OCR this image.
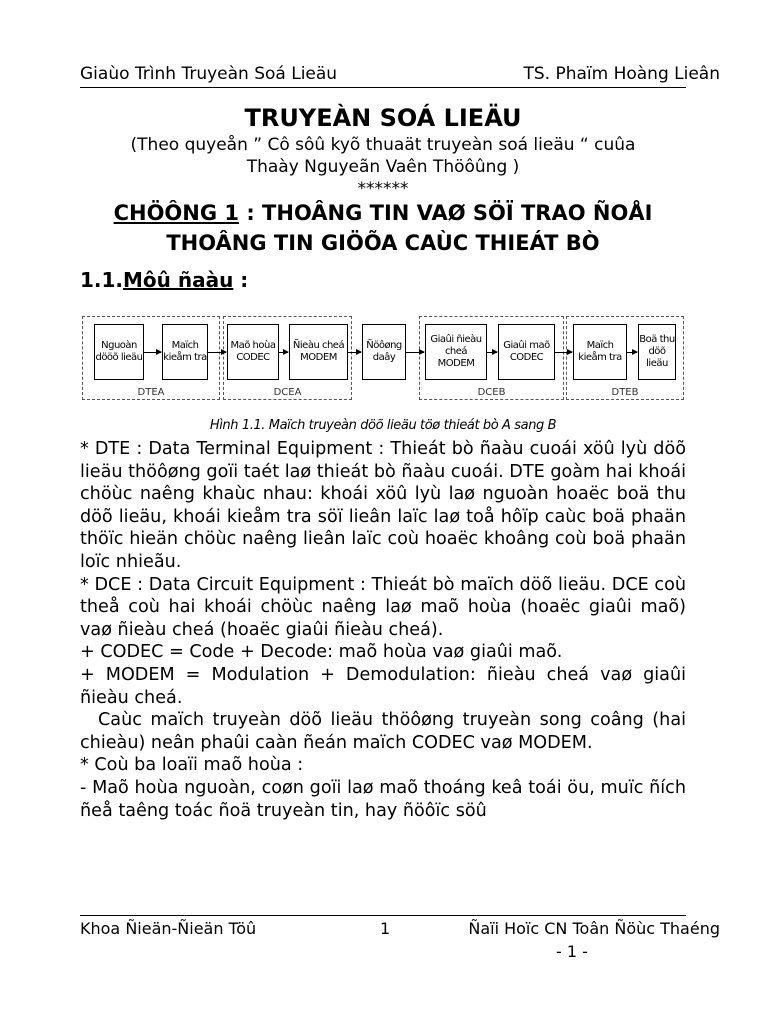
Giaùo Trình Truyeàn Soá Lieäu	TS. Phaïm Hoàng Lieân
TRUYEÀN SOÁ LIEÄU
(Theo quyeån ” Cô sôû kyõ thuaät truyeàn soá lieäu “ cuûa
Thaày Nguyeãn Vaên Thöôûng )
******
CHÖÔNG 1 : THOÂNG TIN VAØ SÖÏ TRAO ÑOÅI
THOÂNG TIN GIÖÕA CAÙC THIEÁT BÒ
1.1.Môû ñaàu :
DTEA	DCEA	DCEB	DTEB
Nguoàn dööõ lieäu
Maïch kieåm tra
Maõ hoùa CODEC
Ñieàu cheá MODEM
Ñöôøng daây
Giaûi ñieàu cheá MODEM
Giaûi maõ CODEC
Maïch kieåm tra
Boä thu döõ lieäu
Hình 1.1. Maïch truyeàn döõ lieäu töø thieát bò A sang B

* DTE : Data Terminal Equipment : Thieát bò ñaàu cuoái xöû lyù döõ lieäu thöôøng goïi taét laø thieát bò ñaàu cuoái. DTE goàm hai khoái chöùc naêng khaùc nhau: khoái xöû lyù laø nguoàn hoaëc boä thu döõ lieäu, khoái kieåm tra söï lieân laïc laø toå hôïp caùc boä phaän thöïc hieän chöùc naêng lieân laïc coù hoaëc khoâng coù boä phaän loïc nhieãu.

* DCE : Data Circuit Equipment : Thieát bò maïch döõ lieäu. DCE coù theå coù hai khoái chöùc naêng laø maõ hoùa (hoaëc giaûi maõ) vaø ñieàu cheá (hoaëc giaûi ñieàu cheá).

+ CODEC = Code + Decode: maõ hoùa vaø giaûi maõ.

+ MODEM = Modulation + Demodulation: ñieàu cheá vaø giaûi ñieàu cheá.

Caùc maïch truyeàn döõ lieäu thöôøng truyeàn song coâng (hai chieàu) neân phaûi caàn ñeán maïch CODEC vaø MODEM.

* Coù ba loaïi maõ hoùa :

- Maõ hoùa nguoàn, coøn goïi laø maõ thoáng keâ toái öu, muïc ñích ñeå taêng toác ñoä truyeàn tin, hay ñöôïc söû

Khoa Ñieän-Ñieän Töû	1	Ñaïi Hoïc CN Toân Ñöùc Thaéng
- 1 -
